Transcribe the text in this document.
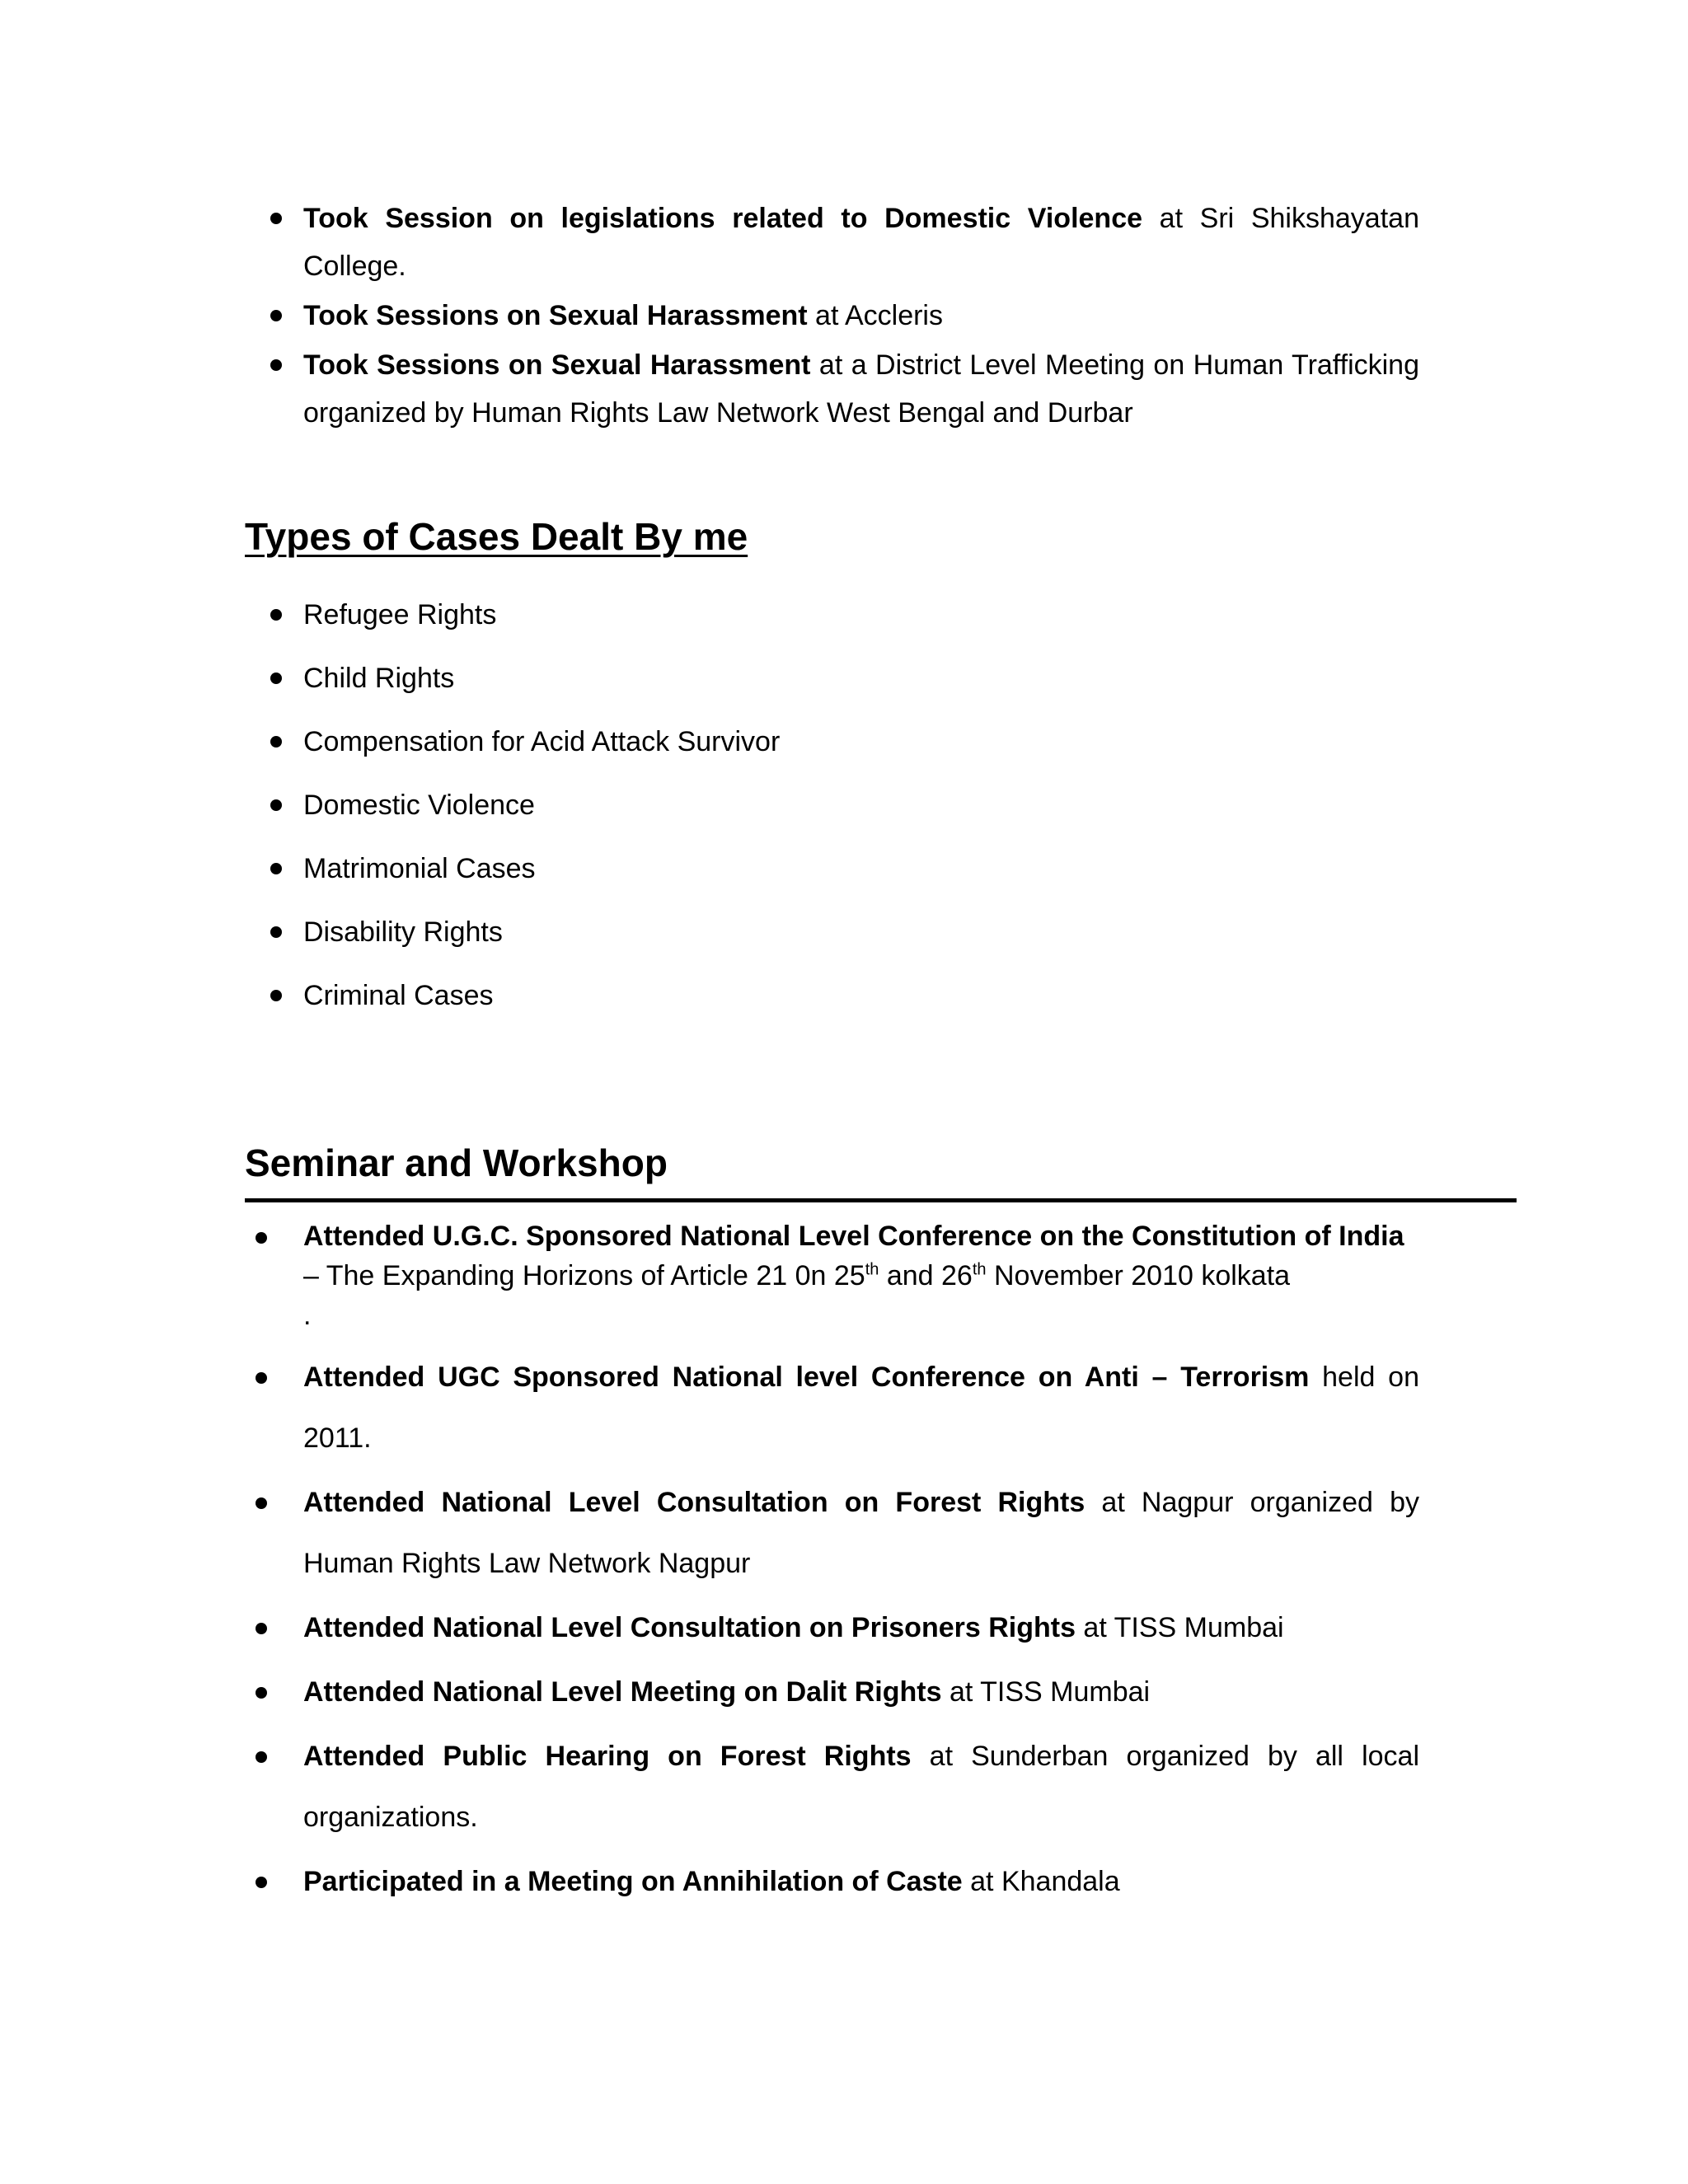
Took Session on legislations related to Domestic Violence at Sri Shikshayatan College.
Took Sessions on Sexual Harassment at Accleris
Took Sessions on Sexual Harassment at a District Level Meeting on Human Trafficking organized by Human Rights Law Network West Bengal and Durbar
Types of Cases Dealt By me
Refugee Rights
Child Rights
Compensation for Acid Attack Survivor
Domestic Violence
Matrimonial Cases
Disability Rights
Criminal Cases
Seminar and Workshop
Attended U.G.C. Sponsored National Level Conference on the Constitution of India
– The Expanding Horizons of Article 21 0n 25th and 26th November 2010 kolkata
.
Attended UGC Sponsored National level Conference on Anti – Terrorism held on 2011.
Attended National Level Consultation on Forest Rights at Nagpur organized by Human Rights Law Network Nagpur
Attended National Level Consultation on Prisoners Rights at TISS Mumbai
Attended National Level Meeting on Dalit Rights at TISS Mumbai
Attended Public Hearing on Forest Rights at Sunderban organized by all local organizations.
Participated in a Meeting on Annihilation of Caste at Khandala
